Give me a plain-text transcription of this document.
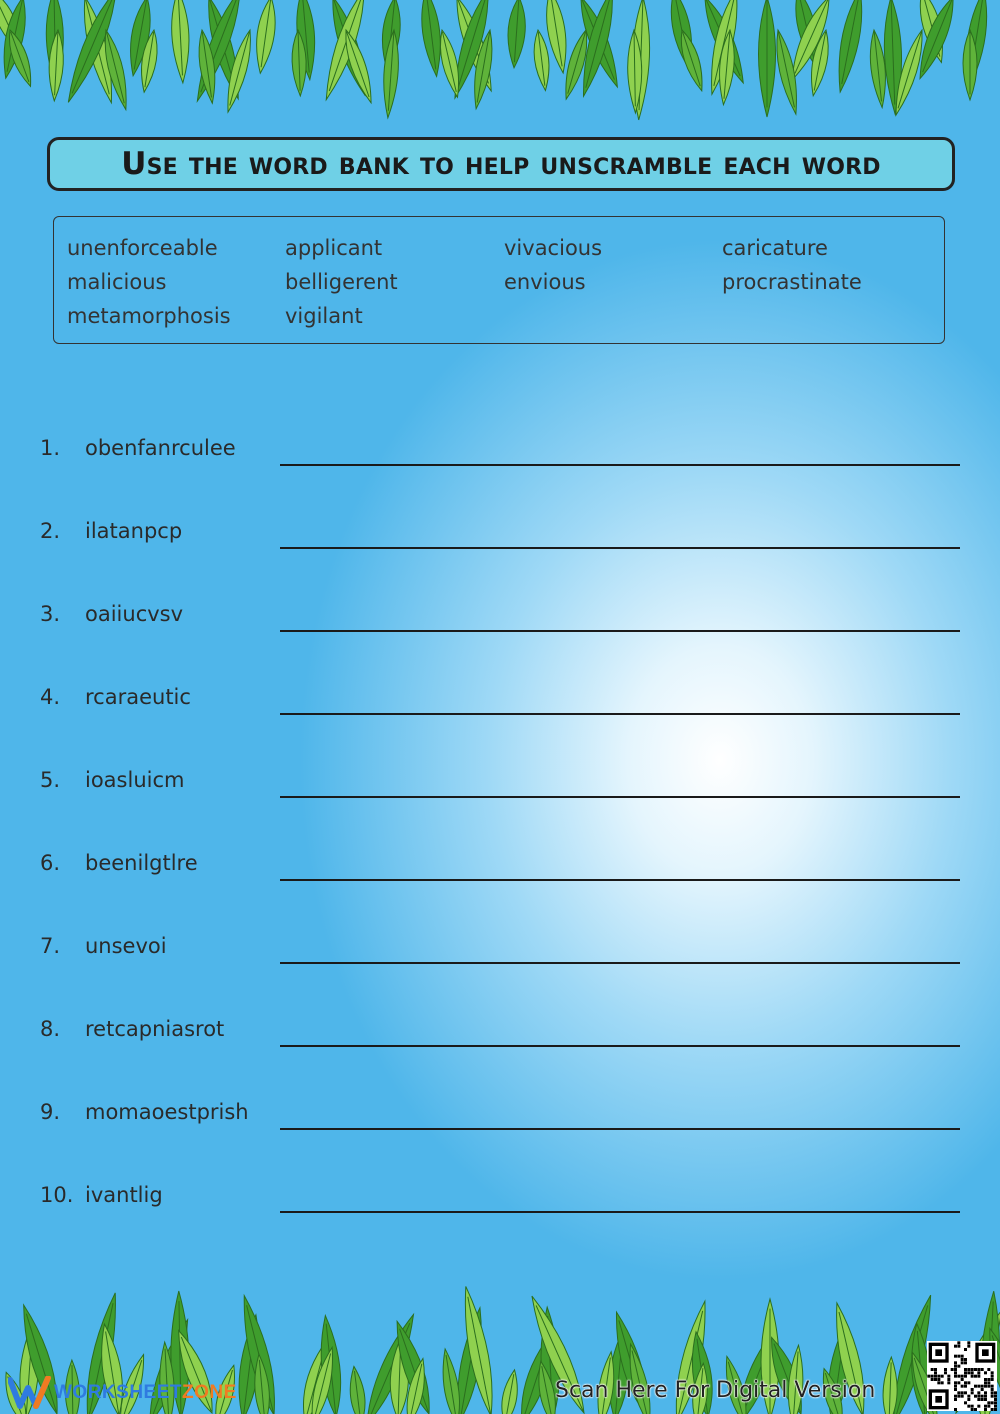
Use the word bank to help unscramble each word
unenforceable
malicious
metamorphosis
applicant
belligerent
vigilant
vivacious
envious
caricature
procrastinate
1. obenfanrculee
2. ilatanpcp
3. oaiiucvsv
4. rcaraeutic
5. ioasluicm
6. beenilgtlre
7. unsevoi
8. retcapniasrot
9. momaoestprish
10. ivantlig
WORKSHEETZONE	Scan Here For Digital Version
